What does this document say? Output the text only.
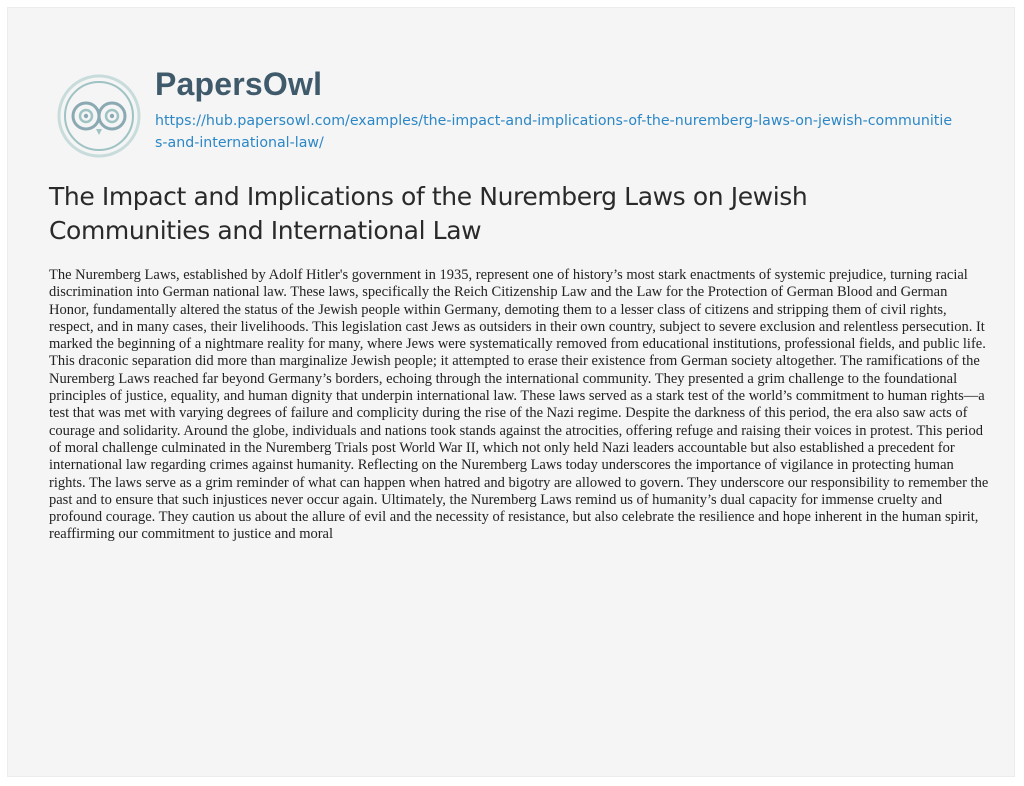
PapersOwl
https://hub.papersowl.com/examples/the-impact-and-implications-of-the-nuremberg-laws-on-jewish-communities-and-international-law/
The Impact and Implications of the Nuremberg Laws on Jewish Communities and International Law

The Nuremberg Laws, established by Adolf Hitler's government in 1935, represent one of history’s most stark enactments of systemic prejudice, turning racial discrimination into German national law. These laws, specifically the Reich Citizenship Law and the Law for the Protection of German Blood and German Honor, fundamentally altered the status of the Jewish people within Germany, demoting them to a lesser class of citizens and stripping them of civil rights, respect, and in many cases, their livelihoods. This legislation cast Jews as outsiders in their own country, subject to severe exclusion and relentless persecution. It marked the beginning of a nightmare reality for many, where Jews were systematically removed from educational institutions, professional fields, and public life. This draconic separation did more than marginalize Jewish people; it attempted to erase their existence from German society altogether. The ramifications of the Nuremberg Laws reached far beyond Germany’s borders, echoing through the international community. They presented a grim challenge to the foundational principles of justice, equality, and human dignity that underpin international law. These laws served as a stark test of the world’s commitment to human rights—a test that was met with varying degrees of failure and complicity during the rise of the Nazi regime. Despite the darkness of this period, the era also saw acts of courage and solidarity. Around the globe, individuals and nations took stands against the atrocities, offering refuge and raising their voices in protest. This period of moral challenge culminated in the Nuremberg Trials post World War II, which not only held Nazi leaders accountable but also established a precedent for international law regarding crimes against humanity. Reflecting on the Nuremberg Laws today underscores the importance of vigilance in protecting human rights. The laws serve as a grim reminder of what can happen when hatred and bigotry are allowed to govern. They underscore our responsibility to remember the past and to ensure that such injustices never occur again. Ultimately, the Nuremberg Laws remind us of humanity’s dual capacity for immense cruelty and profound courage. They caution us about the allure of evil and the necessity of resistance, but also celebrate the resilience and hope inherent in the human spirit, reaffirming our commitment to justice and moral
